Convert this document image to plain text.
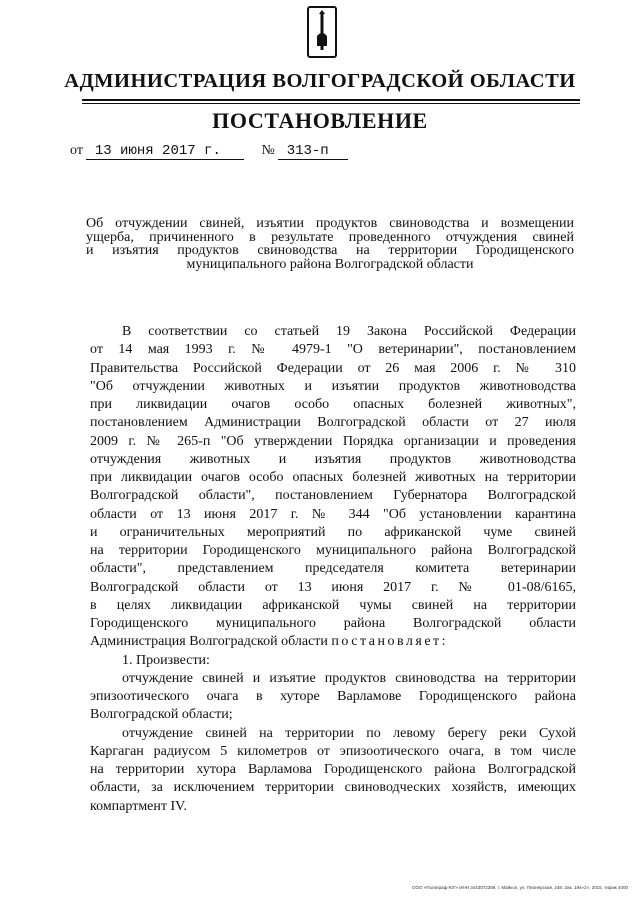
АДМИНИСТРАЦИЯ ВОЛГОГРАДСКОЙ ОБЛАСТИ
ПОСТАНОВЛЕНИЕ
от 13 июня 2017 г.	№ 313-п
Об отчуждении свиней, изъятии продуктов свиноводства и возмещении
ущерба, причиненного в результате проведенного отчуждения свиней
и изъятия продуктов свиноводства на территории Городищенского
муниципального района Волгоградской области
В соответствии со статьей 19 Закона Российской Федерации
от 14 мая 1993 г. № 4979-1 "О ветеринарии", постановлением
Правительства Российской Федерации от 26 мая 2006 г. № 310
"Об отчуждении животных и изъятии продуктов животноводства
при ликвидации очагов особо опасных болезней животных",
постановлением Администрации Волгоградской области от 27 июля
2009 г. № 265-п "Об утверждении Порядка организации и проведения
отчуждения животных и изъятия продуктов животноводства
при ликвидации очагов особо опасных болезней животных на территории
Волгоградской области", постановлением Губернатора Волгоградской
области от 13 июня 2017 г. № 344 "Об установлении карантина
и ограничительных мероприятий по африканской чуме свиней
на территории Городищенского муниципального района Волгоградской
области", представлением председателя комитета ветеринарии
Волгоградской области от 13 июня 2017 г. № 01-08/6165,
в целях ликвидации африканской чумы свиней на территории
Городищенского муниципального района Волгоградской области
Администрация Волгоградской области постановляет:
1. Произвести:
отчуждение свиней и изъятие продуктов свиноводства на территории
эпизоотического очага в хуторе Варламове Городищенского района
Волгоградской области;
отчуждение свиней на территории по левому берегу реки Сухой
Каргаган радиусом 5 километров от эпизоотического очага, в том числе
на территории хутора Варламова Городищенского района Волгоградской
области, за исключением территории свиноводческих хозяйств, имеющих
компартмент IV.
ООО «Полиграф-ЮГ» ИНН 3443072389, г. Майкоп, ул. Пионерская, 248. Зак. 194«2», 2015, тираж 4000
